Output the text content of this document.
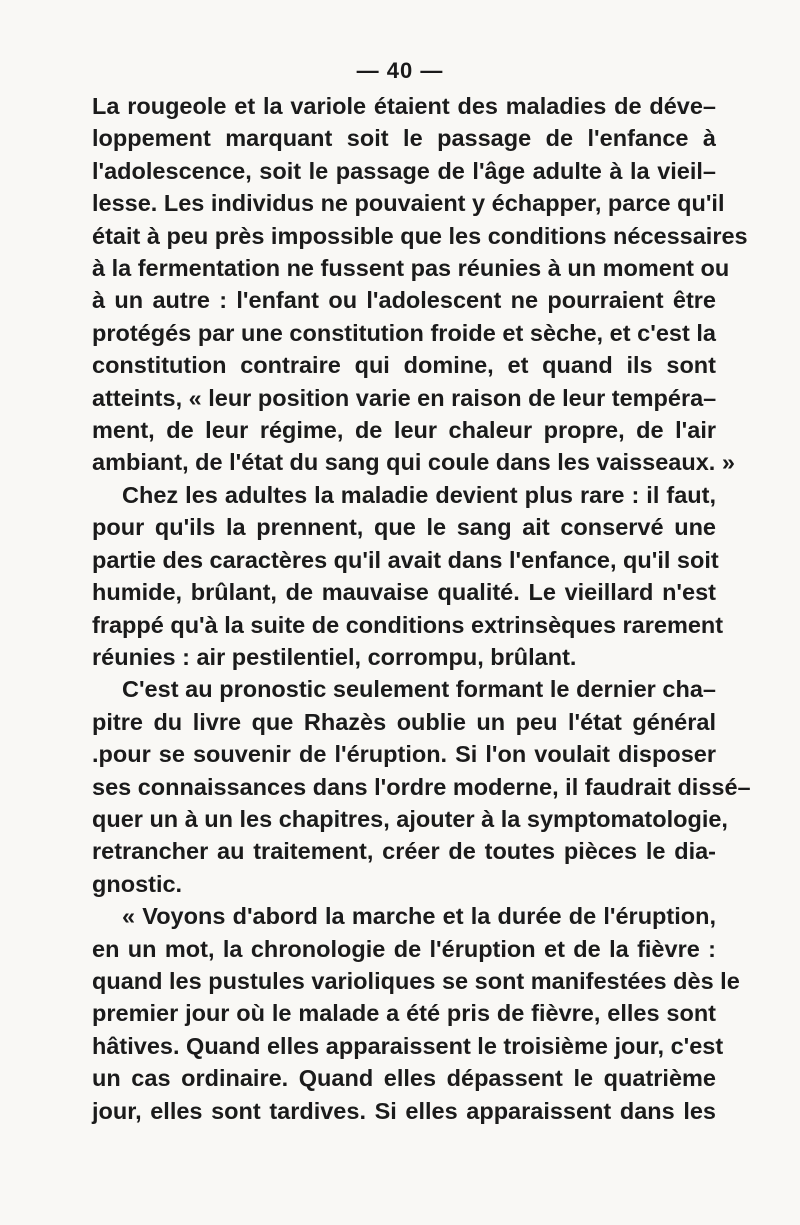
— 40 —
La rougeole et la variole étaient des maladies de déve–
loppement marquant soit le passage de l'enfance à
l'adolescence, soit le passage de l'âge adulte à la vieil–
lesse. Les individus ne pouvaient y échapper, parce qu'il
était à peu près impossible que les conditions nécessaires
à la fermentation ne fussent pas réunies à un moment ou
à un autre : l'enfant ou l'adolescent ne pourraient être
protégés par une constitution froide et sèche, et c'est la
constitution contraire qui domine, et quand ils sont
atteints, « leur position varie en raison de leur tempéra–
ment, de leur régime, de leur chaleur propre, de l'air
ambiant, de l'état du sang qui coule dans les vaisseaux. »
Chez les adultes la maladie devient plus rare : il faut,
pour qu'ils la prennent, que le sang ait conservé une
partie des caractères qu'il avait dans l'enfance, qu'il soit
humide, brûlant, de mauvaise qualité. Le vieillard n'est
frappé qu'à la suite de conditions extrinsèques rarement
réunies : air pestilentiel, corrompu, brûlant.
C'est au pronostic seulement formant le dernier cha–
pitre du livre que Rhazès oublie un peu l'état général
.pour se souvenir de l'éruption. Si l'on voulait disposer
ses connaissances dans l'ordre moderne, il faudrait dissé–
quer un à un les chapitres, ajouter à la symptomatologie,
retrancher au traitement, créer de toutes pièces le dia-
gnostic.
« Voyons d'abord la marche et la durée de l'éruption,
en un mot, la chronologie de l'éruption et de la fièvre :
quand les pustules varioliques se sont manifestées dès le
premier jour où le malade a été pris de fièvre, elles sont
hâtives. Quand elles apparaissent le troisième jour, c'est
un cas ordinaire. Quand elles dépassent le quatrième
jour, elles sont tardives. Si elles apparaissent dans les
